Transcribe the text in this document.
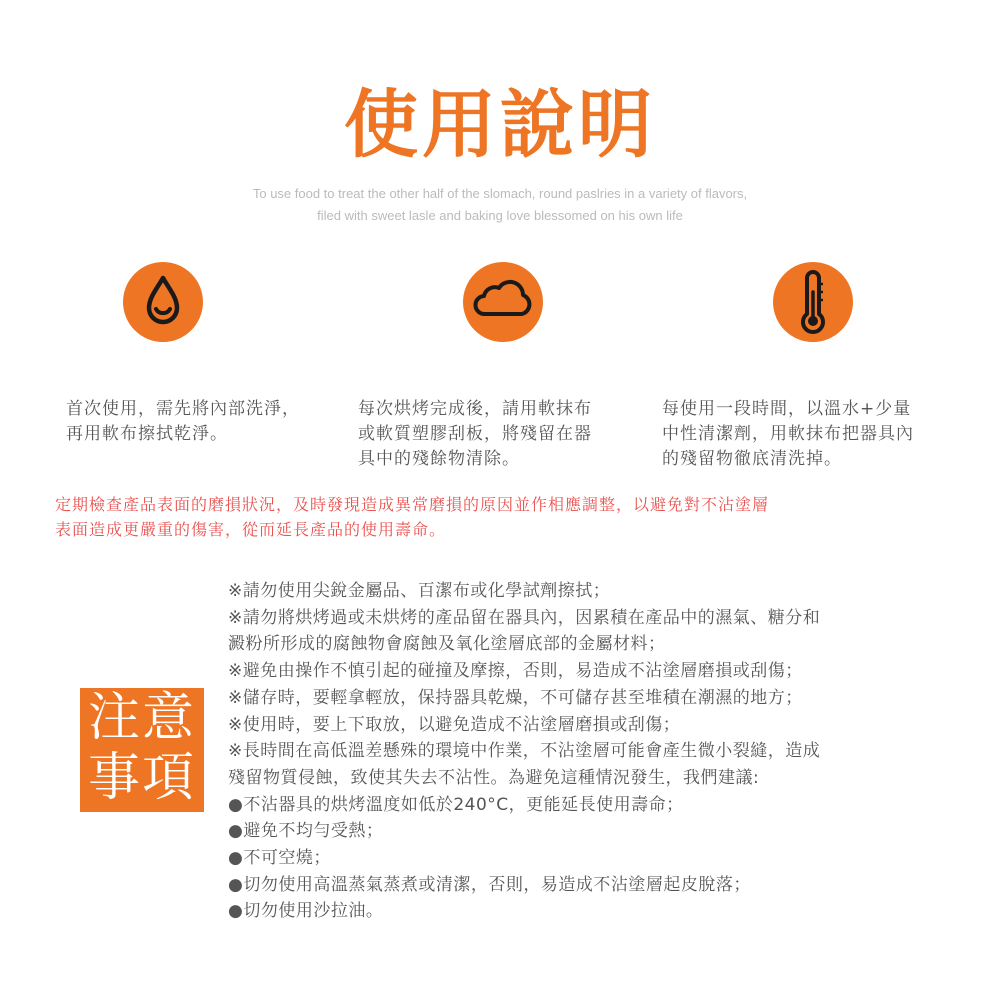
使用說明
To use food to treat the other half of the slomach, round paslries in a variety of flavors,
filed with sweet lasle and baking love blessomed on his own life
首次使用，需先將內部洗淨，
再用軟布擦拭乾淨。
每次烘烤完成後，請用軟抹布
或軟質塑膠刮板，將殘留在器
具中的殘餘物清除。
每使用一段時間，以溫水+少量
中性清潔劑，用軟抹布把器具內
的殘留物徹底清洗掉。
定期檢查產品表面的磨損狀況，及時發現造成異常磨損的原因並作相應調整，以避免對不沾塗層
表面造成更嚴重的傷害，從而延長產品的使用壽命。
注意
事項
※請勿使用尖銳金屬品、百潔布或化學試劑擦拭；
※請勿將烘烤過或未烘烤的產品留在器具內，因累積在產品中的濕氣、糖分和
澱粉所形成的腐蝕物會腐蝕及氧化塗層底部的金屬材料；
※避免由操作不慎引起的碰撞及摩擦，否則，易造成不沾塗層磨損或刮傷；
※儲存時，要輕拿輕放，保持器具乾燥，不可儲存甚至堆積在潮濕的地方；
※使用時，要上下取放，以避免造成不沾塗層磨損或刮傷；
※長時間在高低溫差懸殊的環境中作業，不沾塗層可能會產生微小裂縫，造成
殘留物質侵蝕，致使其失去不沾性。為避免這種情況發生，我們建議:
●不沾器具的烘烤溫度如低於240°C，更能延長使用壽命；
●避免不均勻受熱；
●不可空燒；
●切勿使用高溫蒸氣蒸煮或清潔，否則，易造成不沾塗層起皮脫落；
●切勿使用沙拉油。
